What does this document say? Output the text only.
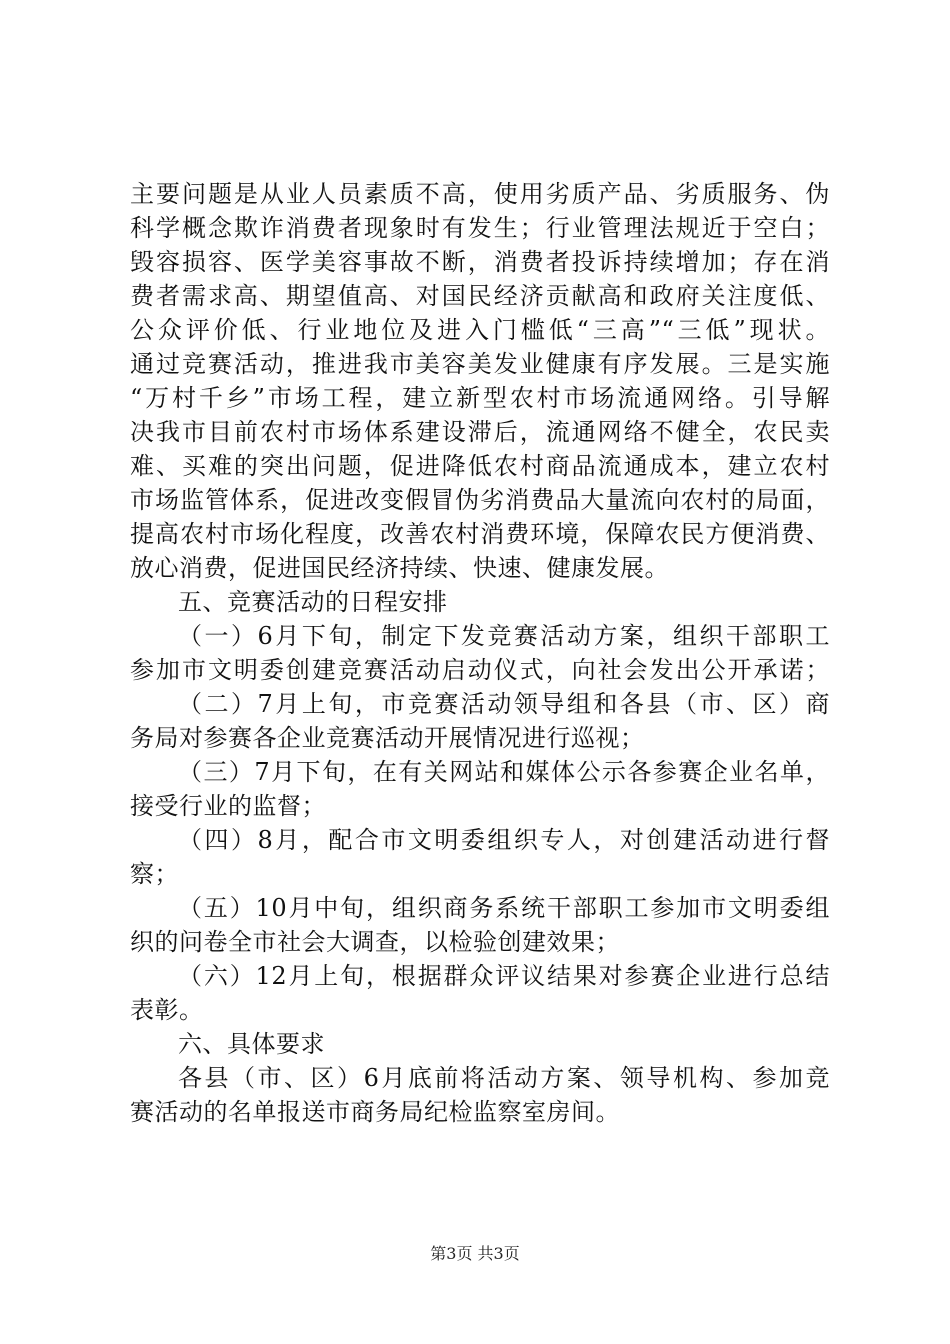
主要问题是从业人员素质不高，使用劣质产品、劣质服务、伪
科学概念欺诈消费者现象时有发生；行业管理法规近于空白；
毁容损容、医学美容事故不断，消费者投诉持续增加；存在消
费者需求高、期望值高、对国民经济贡献高和政府关注度低、
公众评价低、行业地位及进入门槛低“三高”“三低”现状。
通过竞赛活动，推进我市美容美发业健康有序发展。三是实施
“万村千乡”市场工程，建立新型农村市场流通网络。引导解
决我市目前农村市场体系建设滞后，流通网络不健全，农民卖
难、买难的突出问题，促进降低农村商品流通成本，建立农村
市场监管体系，促进改变假冒伪劣消费品大量流向农村的局面，
提高农村市场化程度，改善农村消费环境，保障农民方便消费、
放心消费，促进国民经济持续、快速、健康发展。
五、竞赛活动的日程安排
（一）6月下旬，制定下发竞赛活动方案，组织干部职工
参加市文明委创建竞赛活动启动仪式，向社会发出公开承诺；
（二）7月上旬，市竞赛活动领导组和各县（市、区）商
务局对参赛各企业竞赛活动开展情况进行巡视；
（三）7月下旬，在有关网站和媒体公示各参赛企业名单，
接受行业的监督；
（四）8月，配合市文明委组织专人，对创建活动进行督
察；
（五）10月中旬，组织商务系统干部职工参加市文明委组
织的问卷全市社会大调查，以检验创建效果；
（六）12月上旬，根据群众评议结果对参赛企业进行总结
表彰。
六、具体要求
各县（市、区）6月底前将活动方案、领导机构、参加竞
赛活动的名单报送市商务局纪检监察室房间。
第3页 共3页
